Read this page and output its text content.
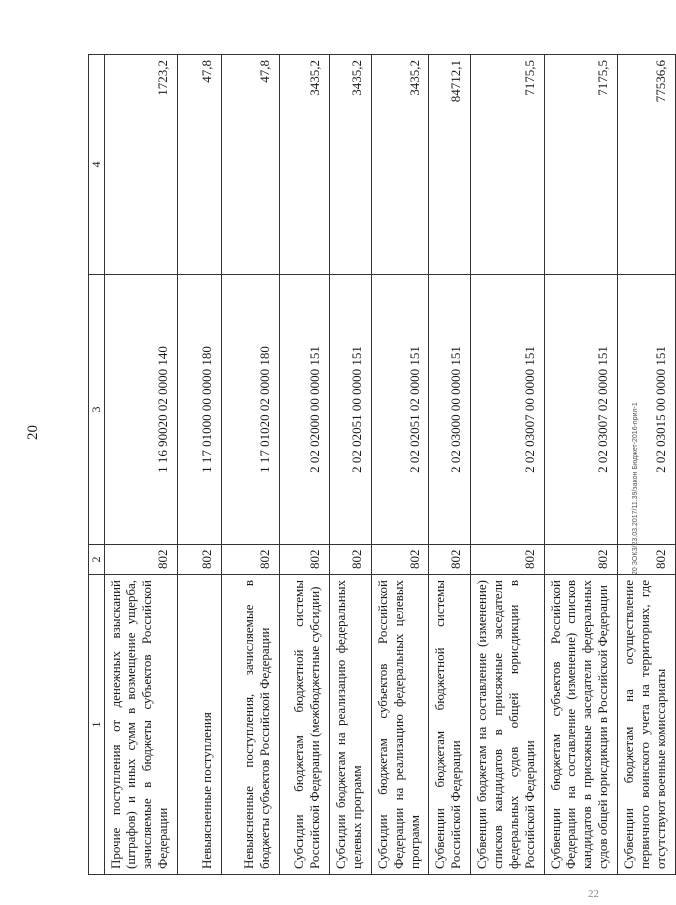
20
1	2	3	4
Прочие поступления от денежных взысканий (штрафов) и иных сумм в возмещение ущерба, зачисляемые в бюджеты субъектов Российской Федерации	802	1 16 90020 02 0000 140	1723,2
Невыясненные поступления	802	1 17 01000 00 0000 180	47,8
Невыясненные поступления, зачисляемые в бюджеты субъектов Российской Федерации	802	1 17 01020 02 0000 180	47,8
Субсидии бюджетам бюджетной системы Российской Федерации (межбюджетные субсидии)	802	2 02 02000 00 0000 151	3435,2
Субсидии бюджетам на реализацию федеральных целевых программ	802	2 02 02051 00 0000 151	3435,2
Субсидии бюджетам субъектов Российской Федерации на реализацию федеральных целевых программ	802	2 02 02051 02 0000 151	3435,2
Субвенции бюджетам бюджетной системы Российской Федерации	802	2 02 03000 00 0000 151	84712,1
Субвенции бюджетам на составление (изменение) списков кандидатов в присяжные заседатели федеральных судов общей юрисдикции в Российской Федерации	802	2 02 03007 00 0000 151	7175,5
Субвенции бюджетам субъектов Российской Федерации на составление (изменение) списков кандидатов в присяжные заседатели федеральных судов общей юрисдикции в Российской Федерации	802	2 02 03007 02 0000 151	7175,5
Субвенции бюджетам на осуществление первичного воинского учета на территориях, где отсутствуют военные комиссариаты	802	2 02 03015 00 0000 151	77536,6
20 ЗОКЗ/23.03.2017/11.39/закон Бюджет-2016-прил-1
22
